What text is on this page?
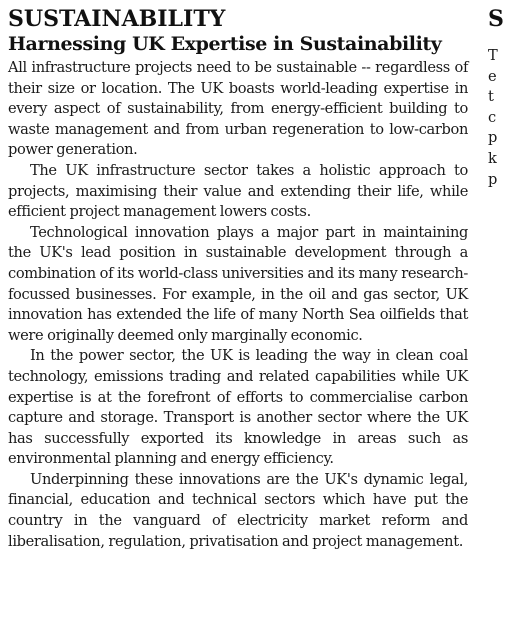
SUSTAINABILITY
Harnessing UK Expertise in Sustainability

All infrastructure projects need to be sustainable -- regardless of their size or location. The UK boasts world-leading expertise in every aspect of sustainability, from energy-efficient building to waste management and from urban regeneration to low-carbon power generation.

The UK infrastructure sector takes a holistic approach to projects, maximising their value and extending their life, while efficient project management lowers costs.

Technological innovation plays a major part in maintaining the UK's lead position in sustainable development through a combination of its world-class universities and its many research-focussed businesses. For example, in the oil and gas sector, UK innovation has extended the life of many North Sea oilfields that were originally deemed only marginally economic.

In the power sector, the UK is leading the way in clean coal technology, emissions trading and related capabilities while UK expertise is at the forefront of efforts to commercialise carbon capture and storage. Transport is another sector where the UK has successfully exported its knowledge in areas such as environmental planning and energy efficiency.

Underpinning these innovations are the UK's dynamic legal, financial, education and technical sectors which have put the country in the vanguard of electricity market reform and liberalisation, regulation, privatisation and project management.

S
T
e
t
c
p
k
p
